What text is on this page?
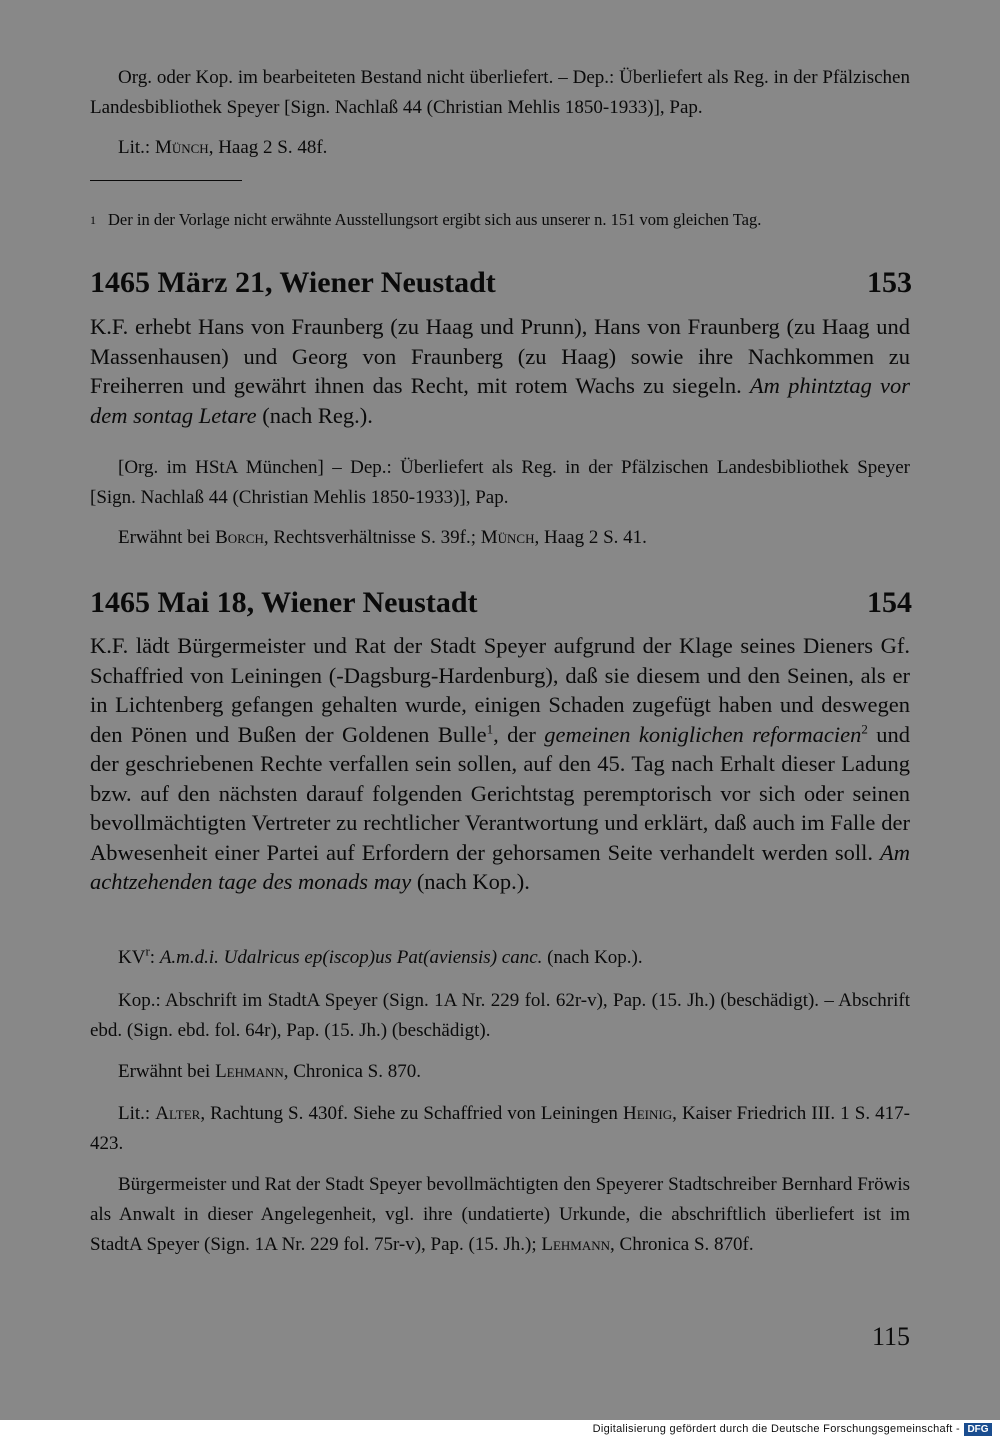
Org. oder Kop. im bearbeiteten Bestand nicht überliefert. – Dep.: Überliefert als Reg. in der Pfälzischen Landesbibliothek Speyer [Sign. Nachlaß 44 (Christian Mehlis 1850-1933)], Pap.

Lit.: Münch, Haag 2 S. 48f.

$^1$ Der in der Vorlage nicht erwähnte Ausstellungsort ergibt sich aus unserer n. 151 vom gleichen Tag.

1465 März 21, Wiener Neustadt	153

K.F. erhebt Hans von Fraunberg (zu Haag und Prunn), Hans von Fraunberg (zu Haag und Massenhausen) und Georg von Fraunberg (zu Haag) sowie ihre Nachkommen zu Freiherren und gewährt ihnen das Recht, mit rotem Wachs zu siegeln. Am phintztag vor dem sontag Letare (nach Reg.).

[Org. im HStA München] – Dep.: Überliefert als Reg. in der Pfälzischen Landesbibliothek Speyer [Sign. Nachlaß 44 (Christian Mehlis 1850-1933)], Pap.

Erwähnt bei Borch, Rechtsverhältnisse S. 39f.; Münch, Haag 2 S. 41.

1465 Mai 18, Wiener Neustadt	154

K.F. lädt Bürgermeister und Rat der Stadt Speyer aufgrund der Klage seines Dieners Gf. Schaffried von Leiningen (-Dagsburg-Hardenburg), daß sie diesem und den Seinen, als er in Lichtenberg gefangen gehalten wurde, einigen Schaden zugefügt haben und deswegen den Pönen und Bußen der Goldenen Bulle$^1$, der gemeinen koniglichen reformacien$^2$ und der geschriebenen Rechte verfallen sein sollen, auf den 45. Tag nach Erhalt dieser Ladung bzw. auf den nächsten darauf folgenden Gerichtstag peremptorisch vor sich oder seinen bevollmächtigten Vertreter zu rechtlicher Verantwortung und erklärt, daß auch im Falle der Abwesenheit einer Partei auf Erfordern der gehorsamen Seite verhandelt werden soll. Am achtzehenden tage des monads may (nach Kop.).

$KV^r$: A.m.d.i. Udalricus ep(iscop)us Pat(aviensis) canc. (nach Kop.).

Kop.: Abschrift im StadtA Speyer (Sign. 1A Nr. 229 fol. 62r-v), Pap. (15. Jh.) (beschädigt). – Abschrift ebd. (Sign. ebd. fol. 64r), Pap. (15. Jh.) (beschädigt).

Erwähnt bei Lehmann, Chronica S. 870.

Lit.: Alter, Rachtung S. 430f. Siehe zu Schaffried von Leiningen Heinig, Kaiser Friedrich III. 1 S. 417-423.

Bürgermeister und Rat der Stadt Speyer bevollmächtigten den Speyerer Stadtschreiber Bernhard Fröwis als Anwalt in dieser Angelegenheit, vgl. ihre (undatierte) Urkunde, die abschriftlich überliefert ist im StadtA Speyer (Sign. 1A Nr. 229 fol. 75r-v), Pap. (15. Jh.); Lehmann, Chronica S. 870f.

115
Digitalisierung gefördert durch die Deutsche Forschungsgemeinschaft - DFG
